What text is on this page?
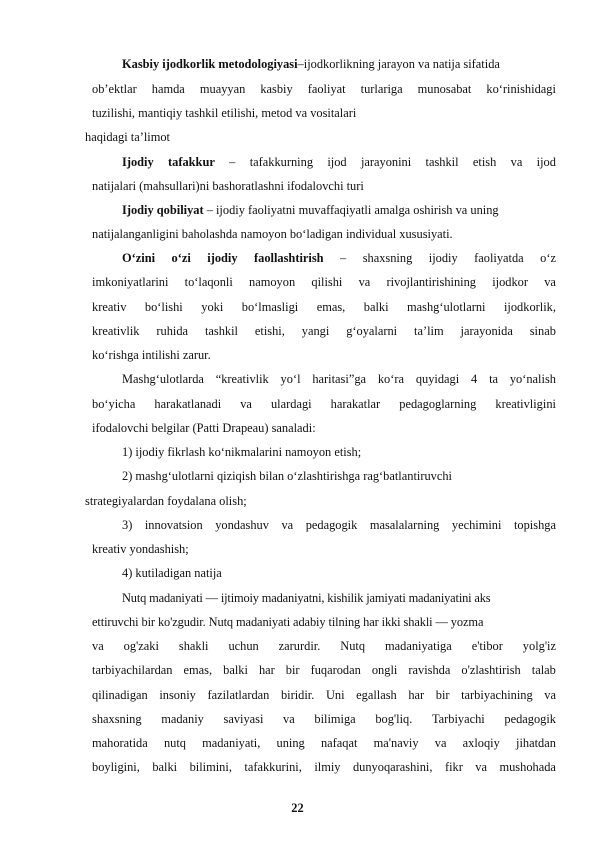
Kasbiy ijodkorlik metodologiyasi–ijodkorlikning jarayon va natija sifatida
ob’ektlar hamda muayyan kasbiy faoliyat turlariga munosabat ko‘rinishidagi
tuzilishi, mantiqiy tashkil etilishi, metod va vositalari
haqidagi ta’limot
Ijodiy tafakkur – tafakkurning ijod jarayonini tashkil etish va ijod
natijalari (mahsullari)ni bashoratlashni ifodalovchi turi
Ijodiy qobiliyat – ijodiy faoliyatni muvaffaqiyatli amalga oshirish va uning
natijalanganligini baholashda namoyon bo‘ladigan individual xususiyati.
O‘zini o‘zi ijodiy faollashtirish – shaxsning ijodiy faoliyatda o‘z
imkoniyatlarini to‘laqonli namoyon qilishi va rivojlantirishining ijodkor va
kreativ bo‘lishi yoki bo‘lmasligi emas, balki mashg‘ulotlarni ijodkorlik,
kreativlik ruhida tashkil etishi, yangi g‘oyalarni ta’lim jarayonida sinab
ko‘rishga intilishi zarur.
Mashg‘ulotlarda “kreativlik yo‘l haritasi”ga ko‘ra quyidagi 4 ta yo‘nalish
bo‘yicha harakatlanadi va ulardagi harakatlar pedagoglarning kreativligini
ifodalovchi belgilar (Patti Drapeau) sanaladi:
1) ijodiy fikrlash ko‘nikmalarini namoyon etish;
2) mashg‘ulotlarni qiziqish bilan o‘zlashtirishga rag‘batlantiruvchi
strategiyalardan foydalana olish;
3) innovatsion yondashuv va pedagogik masalalarning yechimini topishga
kreativ yondashish;
4) kutiladigan natija
Nutq madaniyati — ijtimoiy madaniyatni, kishilik jamiyati madaniyatini aks
ettiruvchi bir ko'zgudir. Nutq madaniyati adabiy tilning har ikki shakli — yozma
va og'zaki shakli uchun zarurdir. Nutq madaniyatiga e'tibor yolg'iz
tarbiyachilardan emas, balki har bir fuqarodan ongli ravishda o'zlashtirish talab
qilinadigan insoniy fazilatlardan biridir. Uni egallash har bir tarbiyachining va
shaxsning madaniy saviyasi va bilimiga bog'liq. Tarbiyachi pedagogik
mahoratida nutq madaniyati, uning nafaqat ma'naviy va axloqiy jihatdan
boyligini, balki bilimini, tafakkurini, ilmiy dunyoqarashini, fikr va mushohada
22
